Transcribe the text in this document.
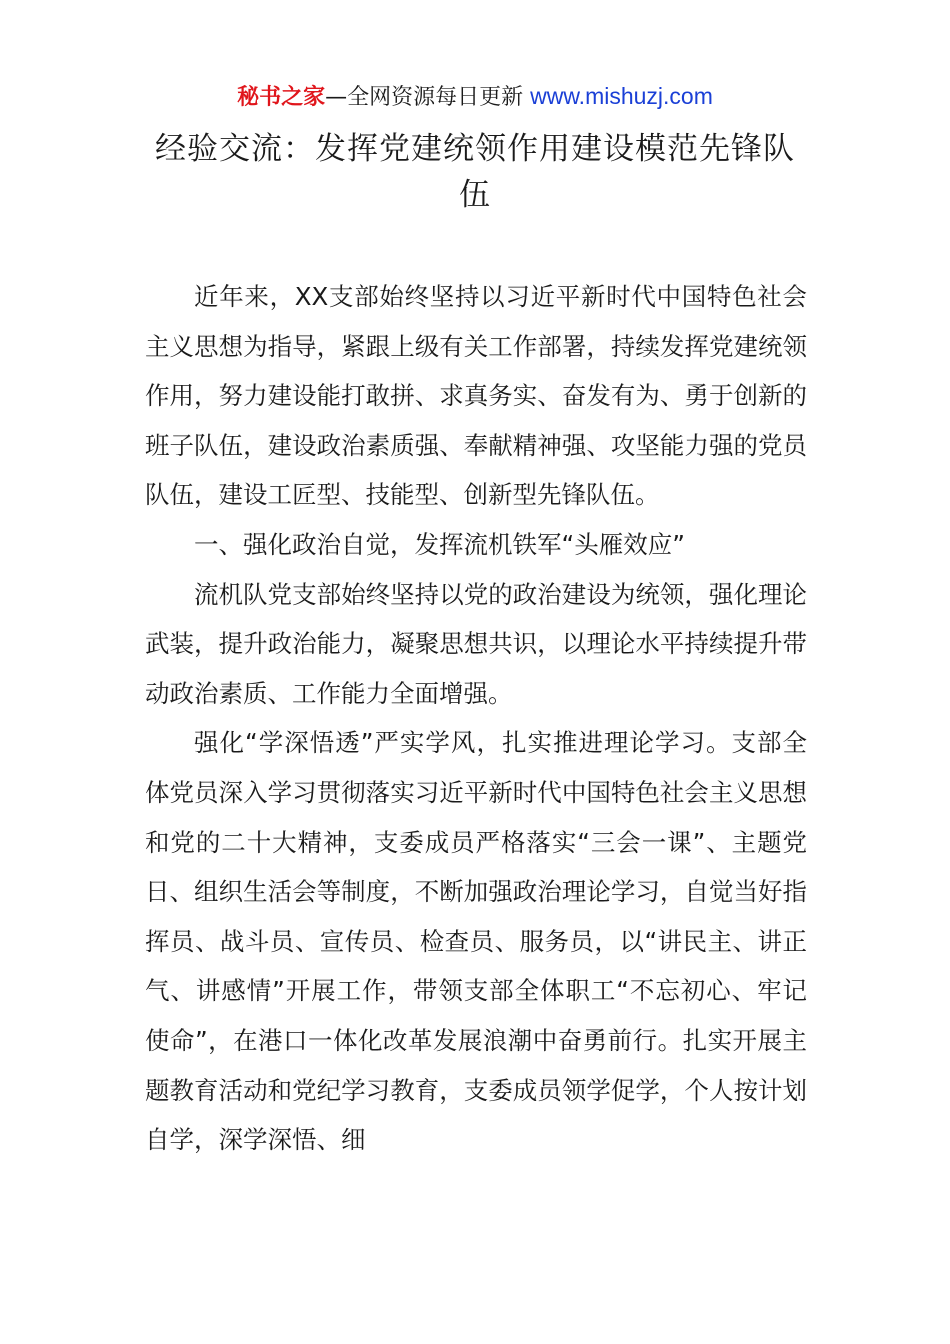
秘书之家—全网资源每日更新 www.mishuzj.com
经验交流：发挥党建统领作用建设模范先锋队
伍

近年来，XX支部始终坚持以习近平新时代中国特色社会主义思想为指导，紧跟上级有关工作部署，持续发挥党建统领作用，努力建设能打敢拼、求真务实、奋发有为、勇于创新的班子队伍，建设政治素质强、奉献精神强、攻坚能力强的党员队伍，建设工匠型、技能型、创新型先锋队伍。

一、强化政治自觉，发挥流机铁军“头雁效应”

流机队党支部始终坚持以党的政治建设为统领，强化理论武装，提升政治能力，凝聚思想共识，以理论水平持续提升带动政治素质、工作能力全面增强。

强化“学深悟透”严实学风，扎实推进理论学习。支部全体党员深入学习贯彻落实习近平新时代中国特色社会主义思想和党的二十大精神，支委成员严格落实“三会一课”、主题党日、组织生活会等制度，不断加强政治理论学习，自觉当好指挥员、战斗员、宣传员、检查员、服务员，以“讲民主、讲正气、讲感情”开展工作，带领支部全体职工“不忘初心、牢记使命”，在港口一体化改革发展浪潮中奋勇前行。扎实开展主题教育活动和党纪学习教育，支委成员领学促学，个人按计划自学，深学深悟、细
